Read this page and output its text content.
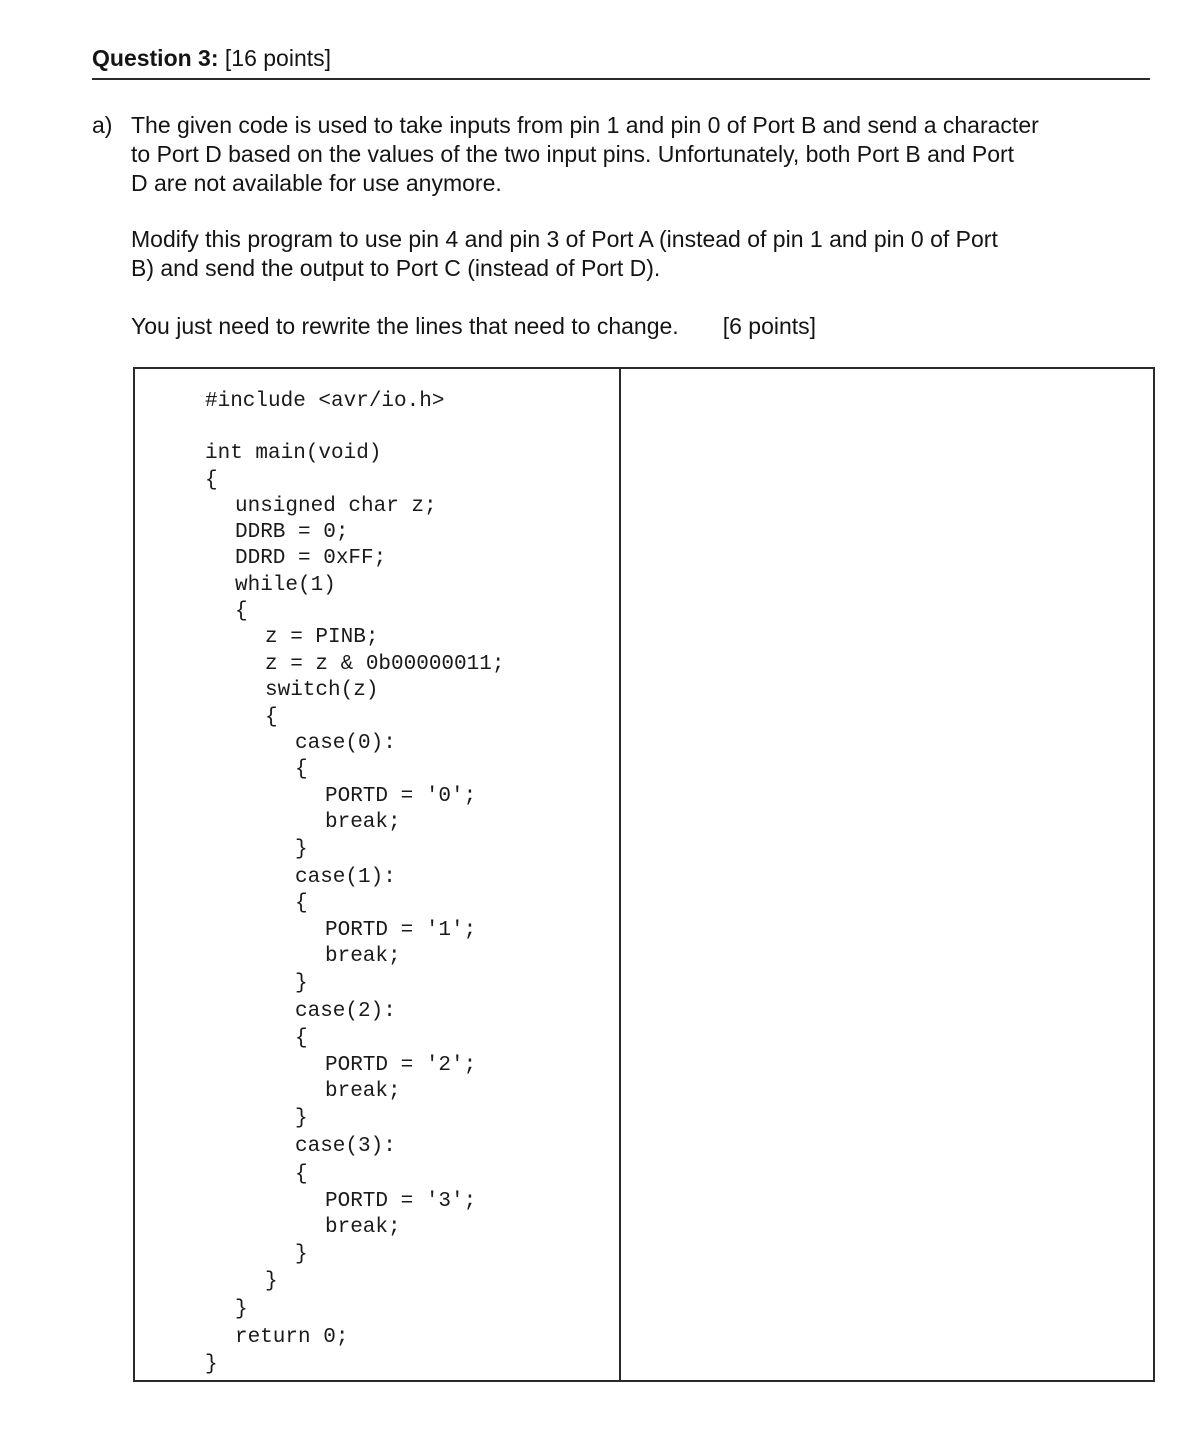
Question 3: [16 points]
a) The given code is used to take inputs from pin 1 and pin 0 of Port B and send a character
to Port D based on the values of the two input pins. Unfortunately, both Port B and Port
D are not available for use anymore.

Modify this program to use pin 4 and pin 3 of Port A (instead of pin 1 and pin 0 of Port
B) and send the output to Port C (instead of Port D).

You just need to rewrite the lines that need to change. [6 points]

#include <avr/io.h>
int main(void)
{
unsigned char z;
DDRB = 0;
DDRD = 0xFF;
while(1)
{
z = PINB;
z = z & 0b00000011;
switch(z)
{
case(0):
{
PORTD = '0';
break;
}
case(1):
{
PORTD = '1';
break;
}
case(2):
{
PORTD = '2';
break;
}
case(3):
{
PORTD = '3';
break;
}
}
}
return 0;
}
